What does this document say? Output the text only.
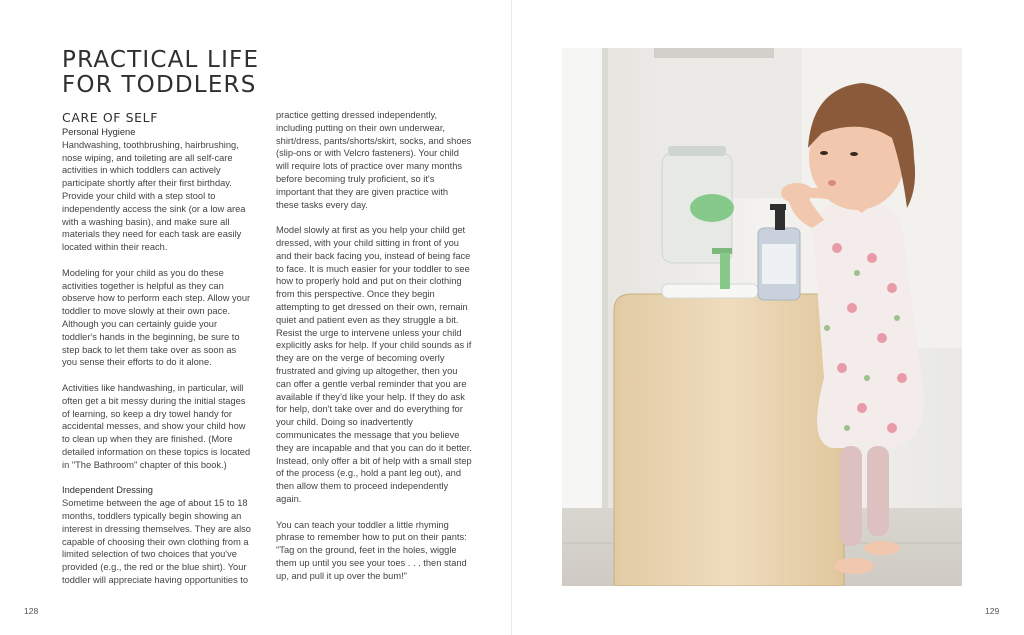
PRACTICAL LIFE
FOR TODDLERS
CARE OF SELF
Personal Hygiene

Handwashing, toothbrushing, hairbrushing, nose wiping, and toileting are all self-care activities in which toddlers can actively participate shortly after their first birthday. Provide your child with a step stool to independently access the sink (or a low area with a washing basin), and make sure all materials they need for each task are easily located within their reach.

Modeling for your child as you do these activities together is helpful as they can observe how to perform each step. Allow your toddler to move slowly at their own pace. Although you can certainly guide your toddler's hands in the beginning, be sure to step back to let them take over as soon as you sense their efforts to do it alone.

Activities like handwashing, in particular, will often get a bit messy during the initial stages of learning, so keep a dry towel handy for accidental messes, and show your child how to clean up when they are finished. (More detailed information on these topics is located in "The Bathroom" chapter of this book.)

Independent Dressing

Sometime between the age of about 15 to 18 months, toddlers typically begin showing an interest in dressing themselves. They are also capable of choosing their own clothing from a limited selection of two choices that you've provided (e.g., the red or the blue shirt). Your toddler will appreciate having opportunities to

practice getting dressed independently, including putting on their own underwear, shirt/dress, pants/shorts/skirt, socks, and shoes (slip-ons or with Velcro fasteners). Your child will require lots of practice over many months before becoming truly proficient, so it's important that they are given practice with these tasks every day.

Model slowly at first as you help your child get dressed, with your child sitting in front of you and their back facing you, instead of being face to face. It is much easier for your toddler to see how to properly hold and put on their clothing from this perspective. Once they begin attempting to get dressed on their own, remain quiet and patient even as they struggle a bit. Resist the urge to intervene unless your child explicitly asks for help. If your child sounds as if they are on the verge of becoming overly frustrated and giving up altogether, then you can offer a gentle verbal reminder that you are available if they'd like your help. If they do ask for help, don't take over and do everything for your child. Doing so inadvertently communicates the message that you believe they are incapable and that you can do it better. Instead, only offer a bit of help with a small step of the process (e.g., hold a pant leg out), and then allow them to proceed independently again.

You can teach your toddler a little rhyming phrase to remember how to put on their pants: "Tag on the ground, feet in the holes, wiggle them up until you see your toes . . . then stand up, and pull it up over the bum!"

128	129
